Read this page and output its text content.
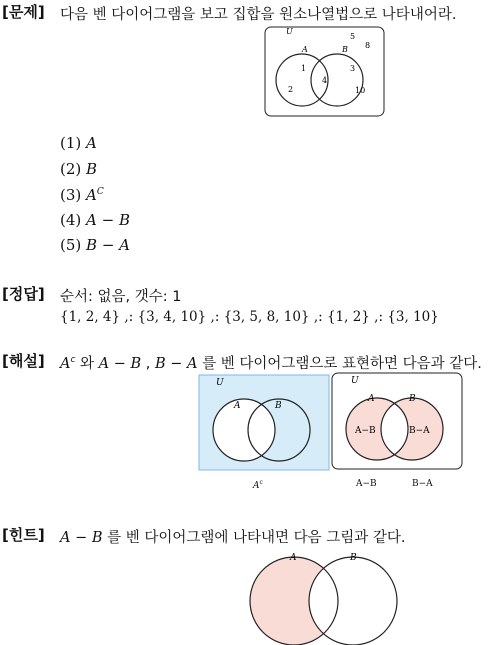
[문제] 다음 벤 다이어그램을 보고 집합을 원소나열법으로 나타내어라.
U
A	B
5
8
1
2
4
3
10
(1) A
(2) B
(3) $A^C$
(4) A − B
(5) B − A
[정답] 순서: 없음, 갯수: 1
{1, 2, 4} ,: {3, 4, 10} ,: {3, 5, 8, 10} ,: {1, 2} ,: {3, 10}
[해설] $A^c$ 와 A − B , B − A 를 벤 다이어그램으로 표현하면 다음과 같다.
U
A	B
$A^c$
U
A	B
A−B	B−A
A−B	B−A
[힌트] A − B 를 벤 다이어그램에 나타내면 다음 그림과 같다.
A	B
